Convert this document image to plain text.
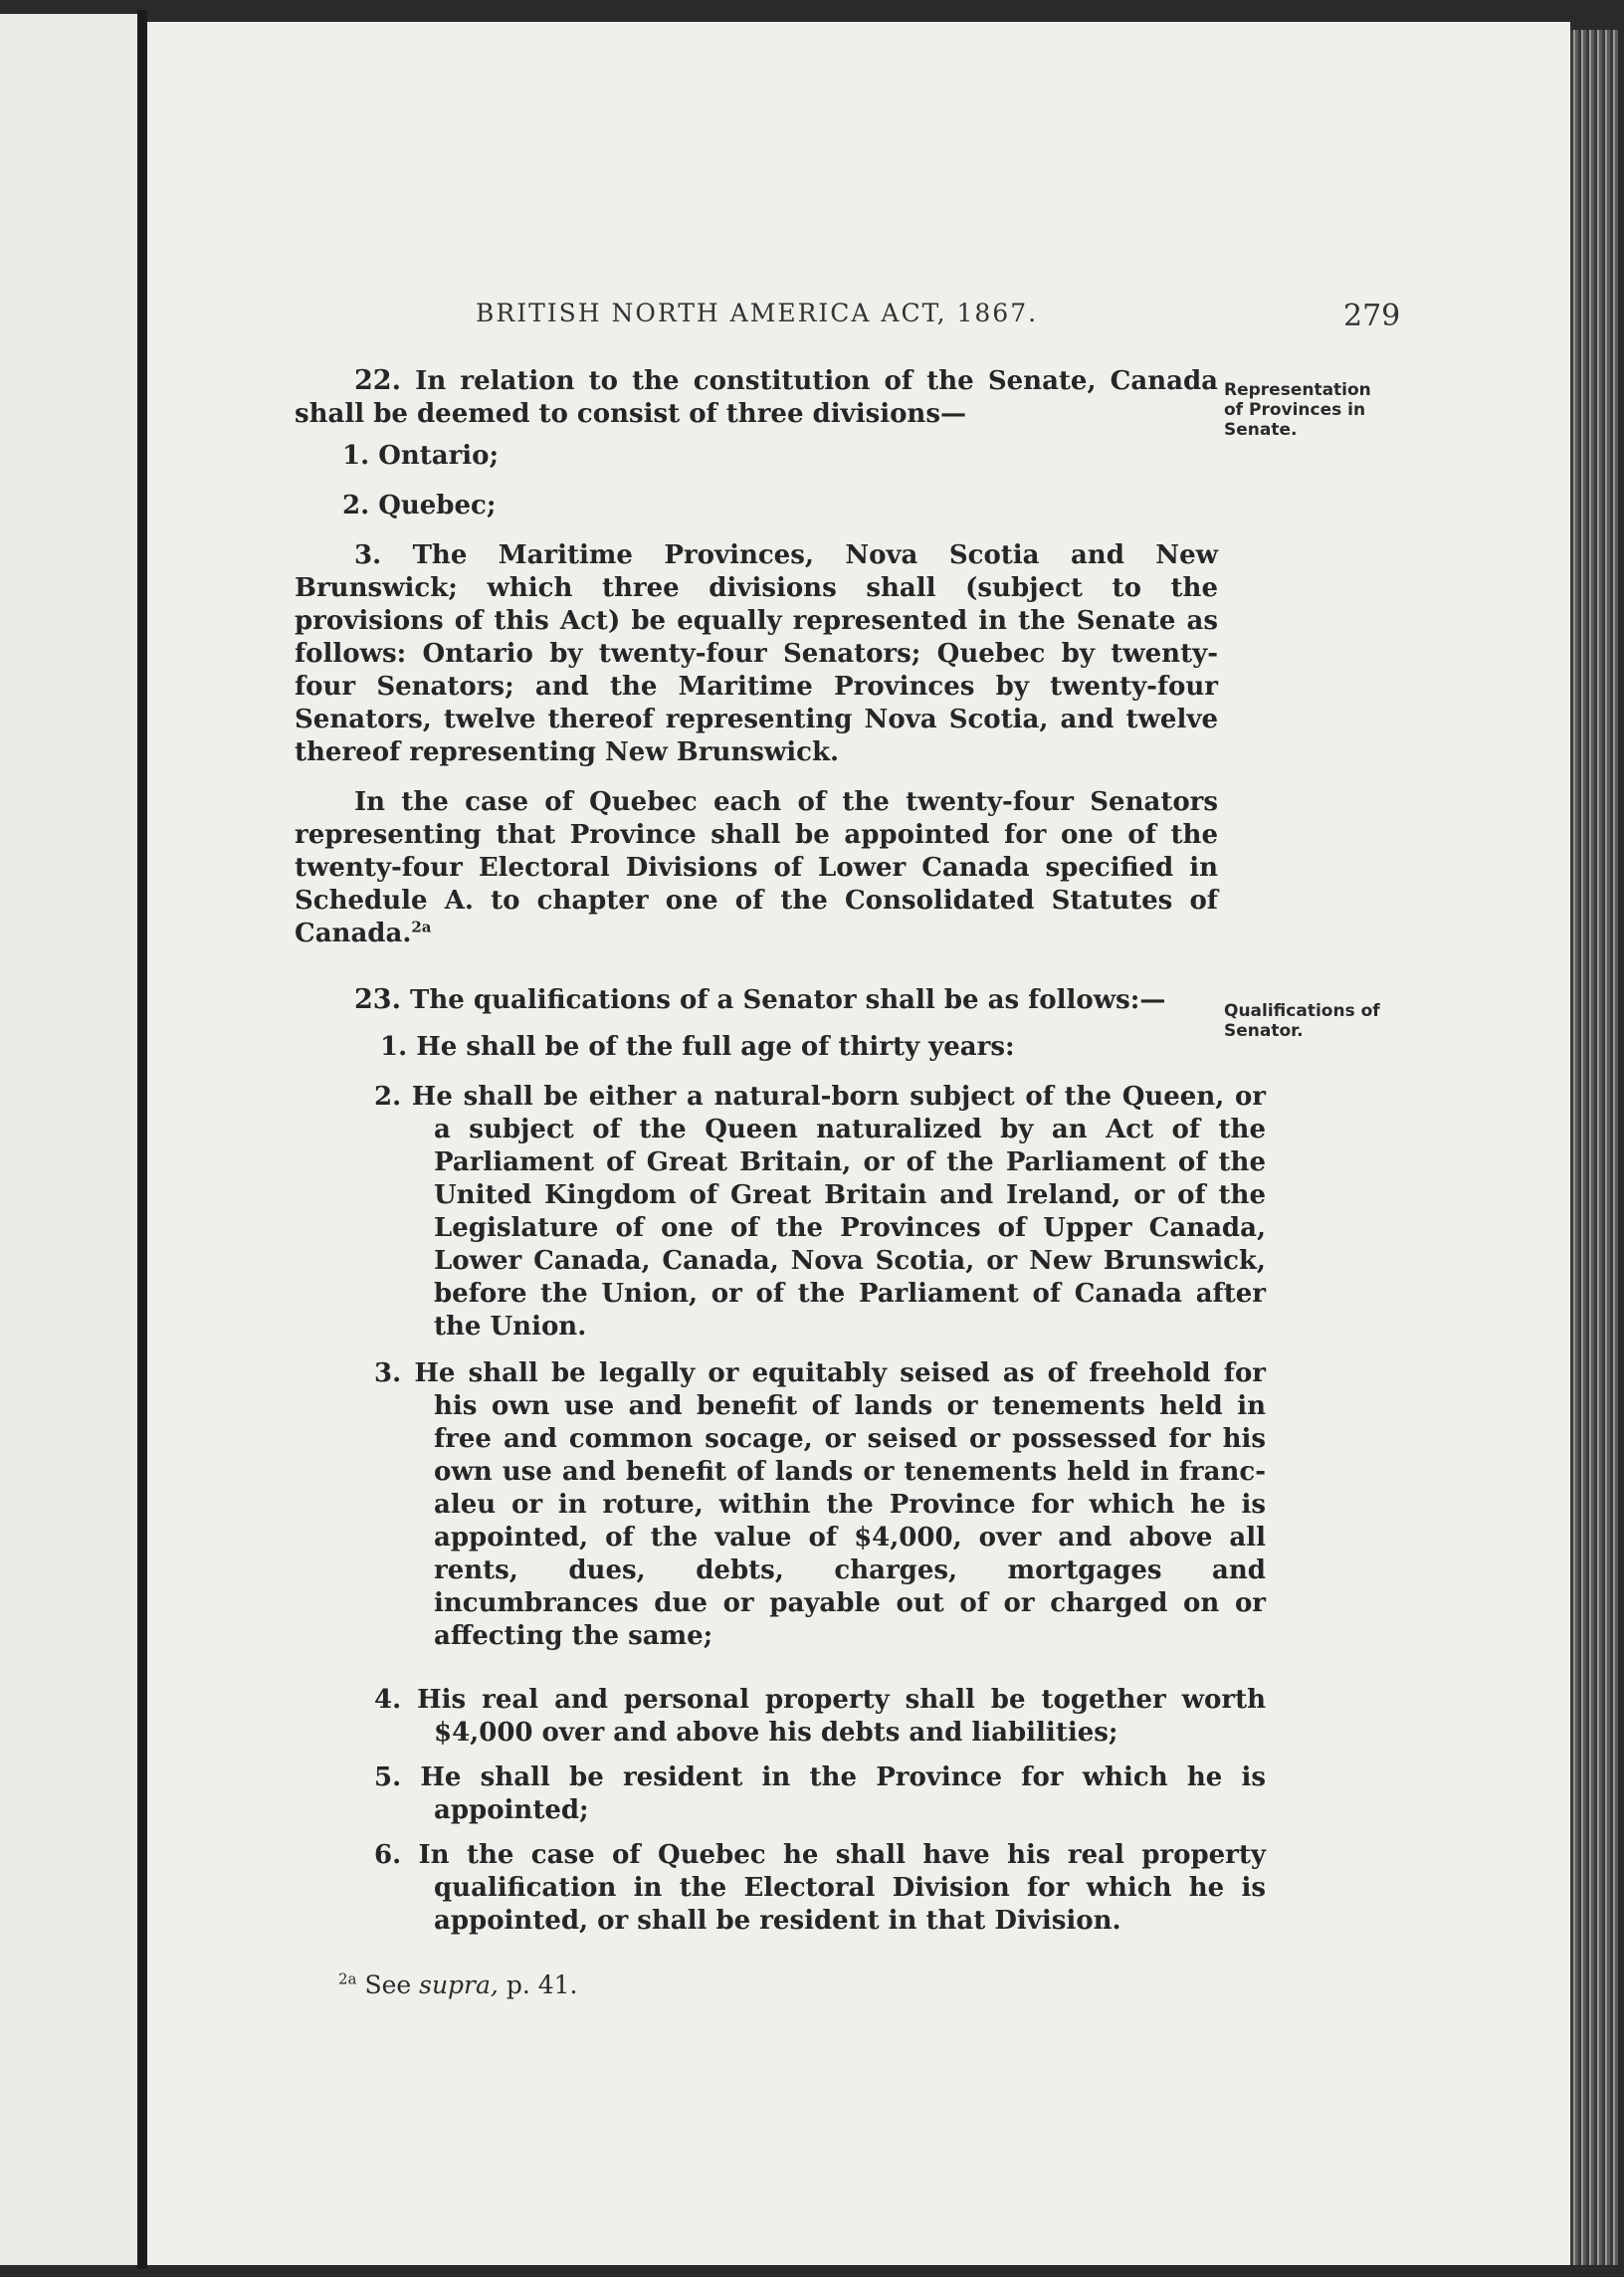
BRITISH NORTH AMERICA ACT, 1867.	279
22. In relation to the constitution of the Senate, Canada shall be deemed to consist of three divisions—
Representation of Provinces in Senate.
1. Ontario;
2. Quebec;
3. The Maritime Provinces, Nova Scotia and New Brunswick; which three divisions shall (subject to the provisions of this Act) be equally represented in the Senate as follows: Ontario by twenty-four Senators; Quebec by twenty-four Senators; and the Maritime Provinces by twenty-four Senators, twelve thereof representing Nova Scotia, and twelve thereof representing New Brunswick.
In the case of Quebec each of the twenty-four Senators representing that Province shall be appointed for one of the twenty-four Electoral Divisions of Lower Canada specified in Schedule A. to chapter one of the Consolidated Statutes of Canada.$^{2a}$
23. The qualifications of a Senator shall be as follows:—	Qualifications of Senator.
1. He shall be of the full age of thirty years:
2. He shall be either a natural-born subject of the Queen, or a subject of the Queen naturalized by an Act of the Parliament of Great Britain, or of the Parliament of the United Kingdom of Great Britain and Ireland, or of the Legislature of one of the Provinces of Upper Canada, Lower Canada, Canada, Nova Scotia, or New Brunswick, before the Union, or of the Parliament of Canada after the Union.
3. He shall be legally or equitably seised as of freehold for his own use and benefit of lands or tenements held in free and common socage, or seised or possessed for his own use and benefit of lands or tenements held in franc-aleu or in roture, within the Province for which he is appointed, of the value of $4,000, over and above all rents, dues, debts, charges, mortgages and incumbrances due or payable out of or charged on or affecting the same;
4. His real and personal property shall be together worth $4,000 over and above his debts and liabilities;
5. He shall be resident in the Province for which he is appointed;
6. In the case of Quebec he shall have his real property qualification in the Electoral Division for which he is appointed, or shall be resident in that Division.
$^{2a}$ See supra, p. 41.
